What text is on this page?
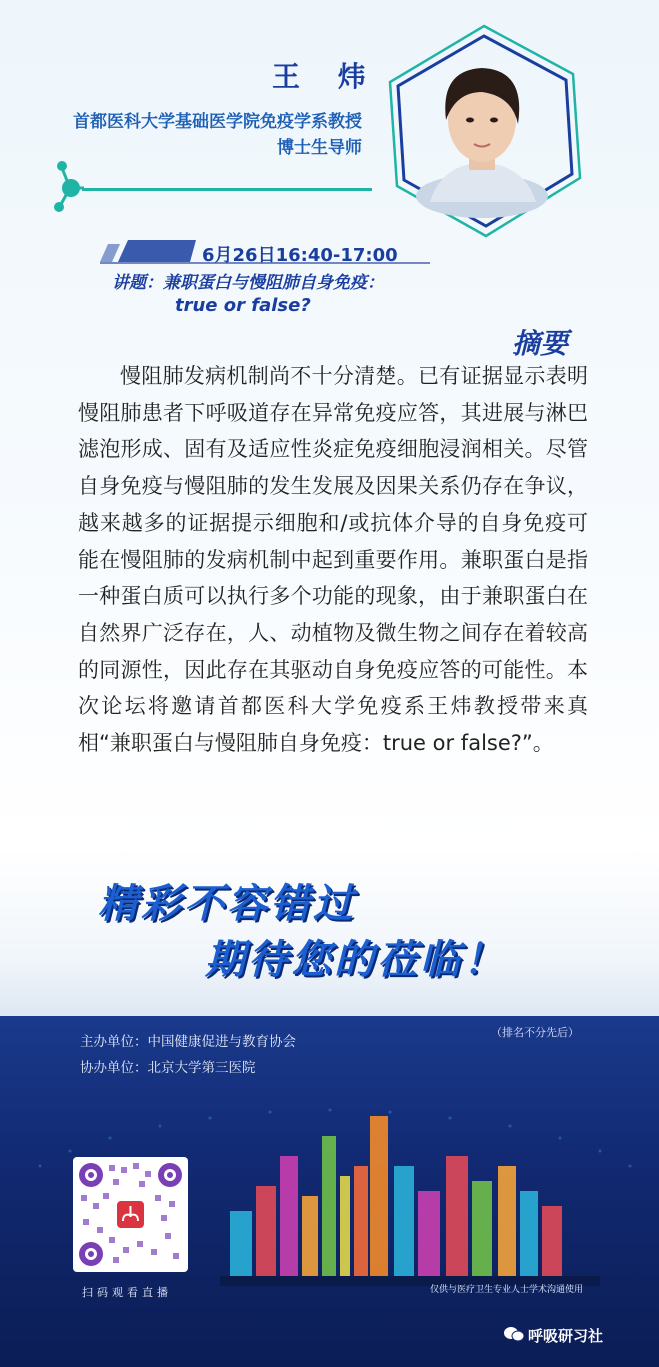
王 炜
首都医科大学基础医学院免疫学系教授
博士生导师
6月26日16:40-17:00
讲题：兼职蛋白与慢阻肺自身免疫：
true or false?
摘要

慢阻肺发病机制尚不十分清楚。已有证据显示表明慢阻肺患者下呼吸道存在异常免疫应答，其进展与淋巴滤泡形成、固有及适应性炎症免疫细胞浸润相关。尽管自身免疫与慢阻肺的发生发展及因果关系仍存在争议，越来越多的证据提示细胞和/或抗体介导的自身免疫可能在慢阻肺的发病机制中起到重要作用。兼职蛋白是指一种蛋白质可以执行多个功能的现象，由于兼职蛋白在自然界广泛存在，人、动植物及微生物之间存在着较高的同源性，因此存在其驱动自身免疫应答的可能性。本次论坛将邀请首都医科大学免疫系王炜教授带来真相“兼职蛋白与慢阻肺自身免疫：true or false?”。

精彩不容错过
期待您的莅临！
主办单位：中国健康促进与教育协会
协办单位：北京大学第三医院
（排名不分先后）
扫码观看直播	仅供与医疗卫生专业人士学术沟通使用
呼吸研习社
